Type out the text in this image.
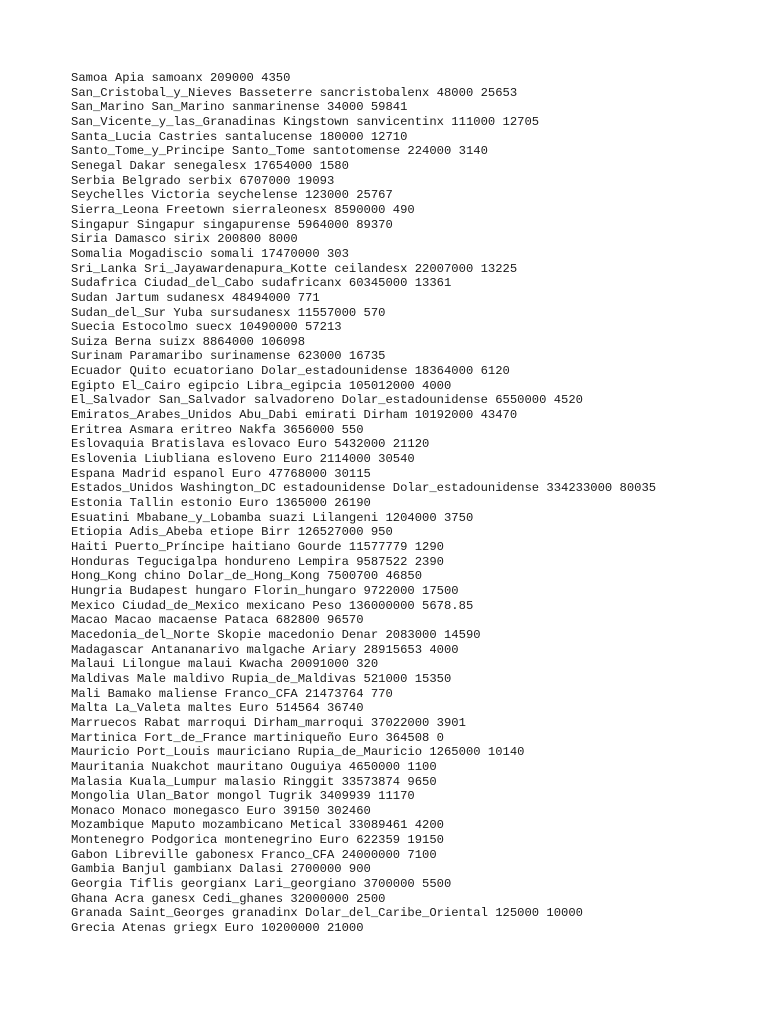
Samoa Apia samoanx 209000 4350
San_Cristobal_y_Nieves Basseterre sancristobalenx 48000 25653
San_Marino San_Marino sanmarinense 34000 59841
San_Vicente_y_las_Granadinas Kingstown sanvicentinx 111000 12705
Santa_Lucia Castries santalucense 180000 12710
Santo_Tome_y_Principe Santo_Tome santotomense 224000 3140
Senegal Dakar senegalesx 17654000 1580
Serbia Belgrado serbix 6707000 19093
Seychelles Victoria seychelense 123000 25767
Sierra_Leona Freetown sierraleonesx 8590000 490
Singapur Singapur singapurense 5964000 89370
Siria Damasco sirix 200800 8000
Somalia Mogadiscio somali 17470000 303
Sri_Lanka Sri_Jayawardenapura_Kotte ceilandesx 22007000 13225
Sudafrica Ciudad_del_Cabo sudafricanx 60345000 13361
Sudan Jartum sudanesx 48494000 771
Sudan_del_Sur Yuba sursudanesx 11557000 570
Suecia Estocolmo suecx 10490000 57213
Suiza Berna suizx 8864000 106098
Surinam Paramaribo surinamense 623000 16735
Ecuador Quito ecuatoriano Dolar_estadounidense 18364000 6120
Egipto El_Cairo egipcio Libra_egipcia 105012000 4000
El_Salvador San_Salvador salvadoreno Dolar_estadounidense 6550000 4520
Emiratos_Arabes_Unidos Abu_Dabi emirati Dirham 10192000 43470
Eritrea Asmara eritreo Nakfa 3656000 550
Eslovaquia Bratislava eslovaco Euro 5432000 21120
Eslovenia Liubliana esloveno Euro 2114000 30540
Espana Madrid espanol Euro 47768000 30115
Estados_Unidos Washington_DC estadounidense Dolar_estadounidense 334233000 80035
Estonia Tallin estonio Euro 1365000 26190
Esuatini Mbabane_y_Lobamba suazi Lilangeni 1204000 3750
Etiopia Adis_Abeba etiope Birr 126527000 950
Haiti Puerto_Príncipe haitiano Gourde 11577779 1290
Honduras Tegucigalpa hondureno Lempira 9587522 2390
Hong_Kong chino Dolar_de_Hong_Kong 7500700 46850
Hungria Budapest hungaro Florin_hungaro 9722000 17500
Mexico Ciudad_de_Mexico mexicano Peso 136000000 5678.85
Macao Macao macaense Pataca 682800 96570
Macedonia_del_Norte Skopie macedonio Denar 2083000 14590
Madagascar Antananarivo malgache Ariary 28915653 4000
Malaui Lilongue malaui Kwacha 20091000 320
Maldivas Male maldivo Rupia_de_Maldivas 521000 15350
Mali Bamako maliense Franco_CFA 21473764 770
Malta La_Valeta maltes Euro 514564 36740
Marruecos Rabat marroqui Dirham_marroqui 37022000 3901
Martinica Fort_de_France martiniqueño Euro 364508 0
Mauricio Port_Louis mauriciano Rupia_de_Mauricio 1265000 10140
Mauritania Nuakchot mauritano Ouguiya 4650000 1100
Malasia Kuala_Lumpur malasio Ringgit 33573874 9650
Mongolia Ulan_Bator mongol Tugrik 3409939 11170
Monaco Monaco monegasco Euro 39150 302460
Mozambique Maputo mozambicano Metical 33089461 4200
Montenegro Podgorica montenegrino Euro 622359 19150
Gabon Libreville gabonesx Franco_CFA 24000000 7100
Gambia Banjul gambianx Dalasi 2700000 900
Georgia Tiflis georgianx Lari_georgiano 3700000 5500
Ghana Acra ganesx Cedi_ghanes 32000000 2500
Granada Saint_Georges granadinx Dolar_del_Caribe_Oriental 125000 10000
Grecia Atenas griegx Euro 10200000 21000
